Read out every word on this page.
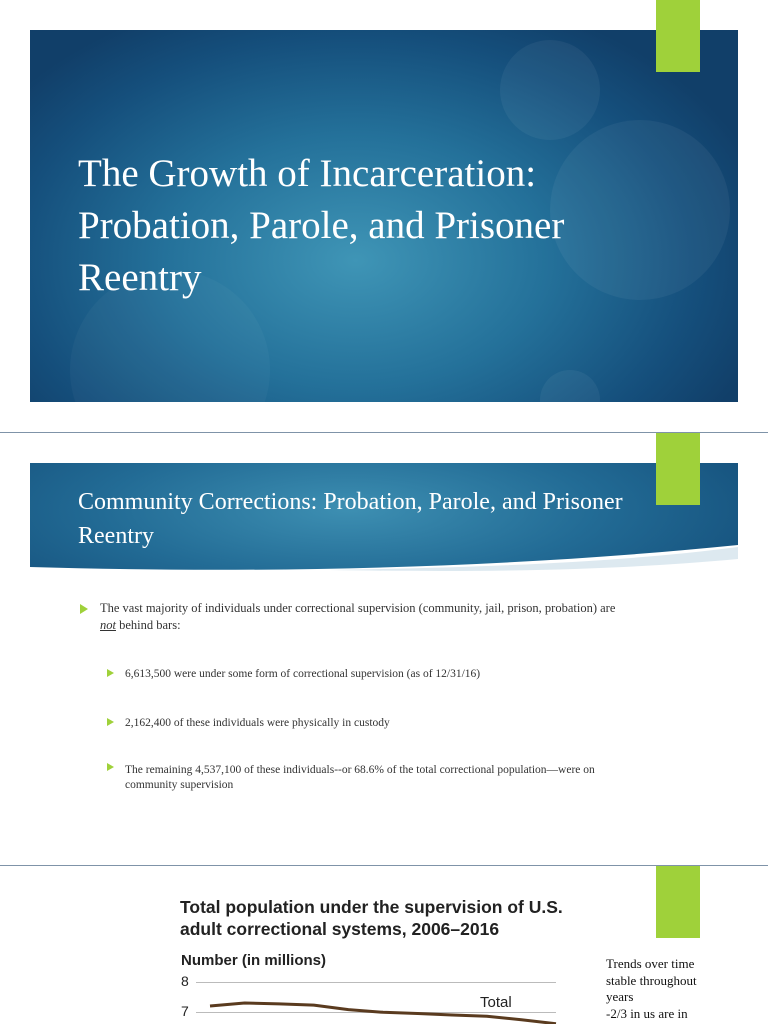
The Growth of Incarceration: Probation, Parole, and Prisoner Reentry
Community Corrections: Probation, Parole, and Prisoner Reentry
The vast majority of individuals under correctional supervision (community, jail, prison, probation) are not behind bars:
6,613,500 were under some form of correctional supervision (as of 12/31/16)
2,162,400 of these individuals were physically in custody
The remaining 4,537,100 of these individuals--or 68.6% of the total correctional population—were on community supervision
Total population under the supervision of U.S. adult correctional systems, 2006–2016
Number (in millions)
8
7	Total
Trends over time
stable throughout
years
-2/3 in us are in
